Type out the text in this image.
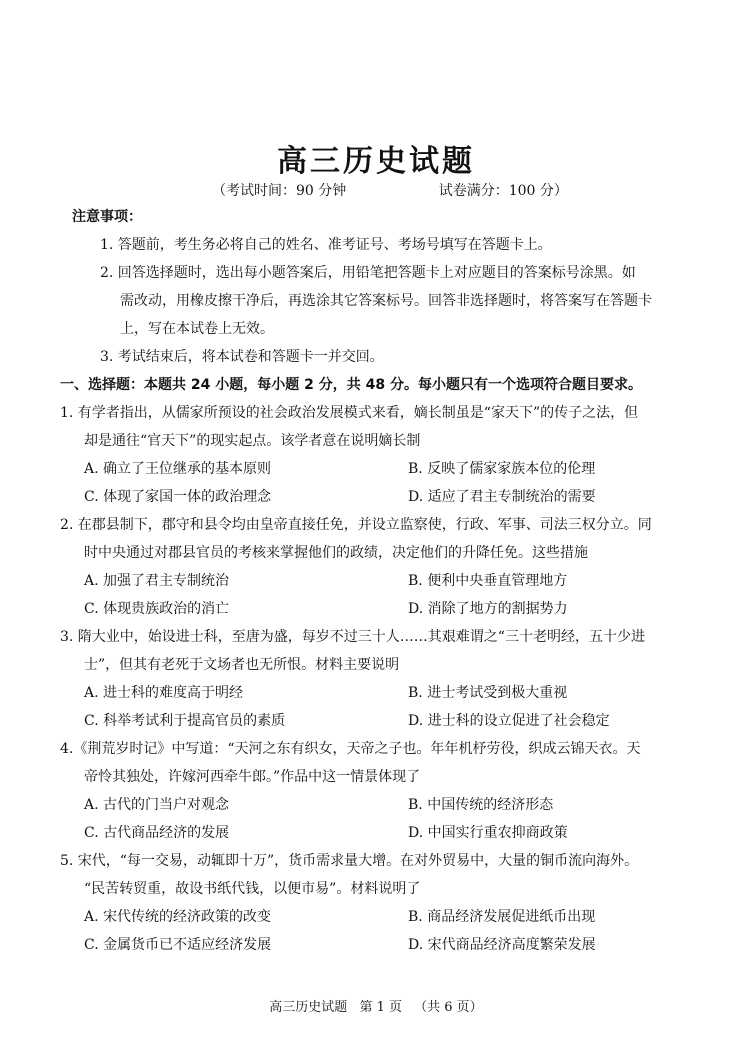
高三历史试题
（考试时间：90 分钟	试卷满分：100 分）
注意事项：
1. 答题前，考生务必将自己的姓名、准考证号、考场号填写在答题卡上。
2. 回答选择题时，选出每小题答案后，用铅笔把答题卡上对应题目的答案标号涂黑。如
需改动，用橡皮擦干净后，再选涂其它答案标号。回答非选择题时，将答案写在答题卡
上，写在本试卷上无效。
3. 考试结束后，将本试卷和答题卡一并交回。
一、选择题：本题共 24 小题，每小题 2 分，共 48 分。每小题只有一个选项符合题目要求。
1. 有学者指出，从儒家所预设的社会政治发展模式来看，嫡长制虽是“家天下”的传子之法，但
却是通往“官天下”的现实起点。该学者意在说明嫡长制
A. 确立了王位继承的基本原则	B. 反映了儒家家族本位的伦理
C. 体现了家国一体的政治理念	D. 适应了君主专制统治的需要
2. 在郡县制下，郡守和县令均由皇帝直接任免，并设立监察使，行政、军事、司法三权分立。同
时中央通过对郡县官员的考核来掌握他们的政绩，决定他们的升降任免。这些措施
A. 加强了君主专制统治	B. 便利中央垂直管理地方
C. 体现贵族政治的消亡	D. 消除了地方的割据势力
3. 隋大业中，始设进士科，至唐为盛，每岁不过三十人……其艰难谓之“三十老明经，五十少进
士”，但其有老死于文场者也无所恨。材料主要说明
A. 进士科的难度高于明经	B. 进士考试受到极大重视
C. 科举考试利于提高官员的素质	D. 进士科的设立促进了社会稳定
4.《荆荒岁时记》中写道：“天河之东有织女，天帝之子也。年年机杼劳役，织成云锦天衣。天
帝怜其独处，许嫁河西牵牛郎。”作品中这一情景体现了
A. 古代的门当户对观念	B. 中国传统的经济形态
C. 古代商品经济的发展	D. 中国实行重农抑商政策
5. 宋代，“每一交易，动辄即十万”，货币需求量大增。在对外贸易中，大量的铜币流向海外。
“民苦转贸重，故设书纸代钱，以便市易”。材料说明了
A. 宋代传统的经济政策的改变	B. 商品经济发展促进纸币出现
C. 金属货币已不适应经济发展	D. 宋代商品经济高度繁荣发展
高三历史试题 第 1 页 （共 6 页）
